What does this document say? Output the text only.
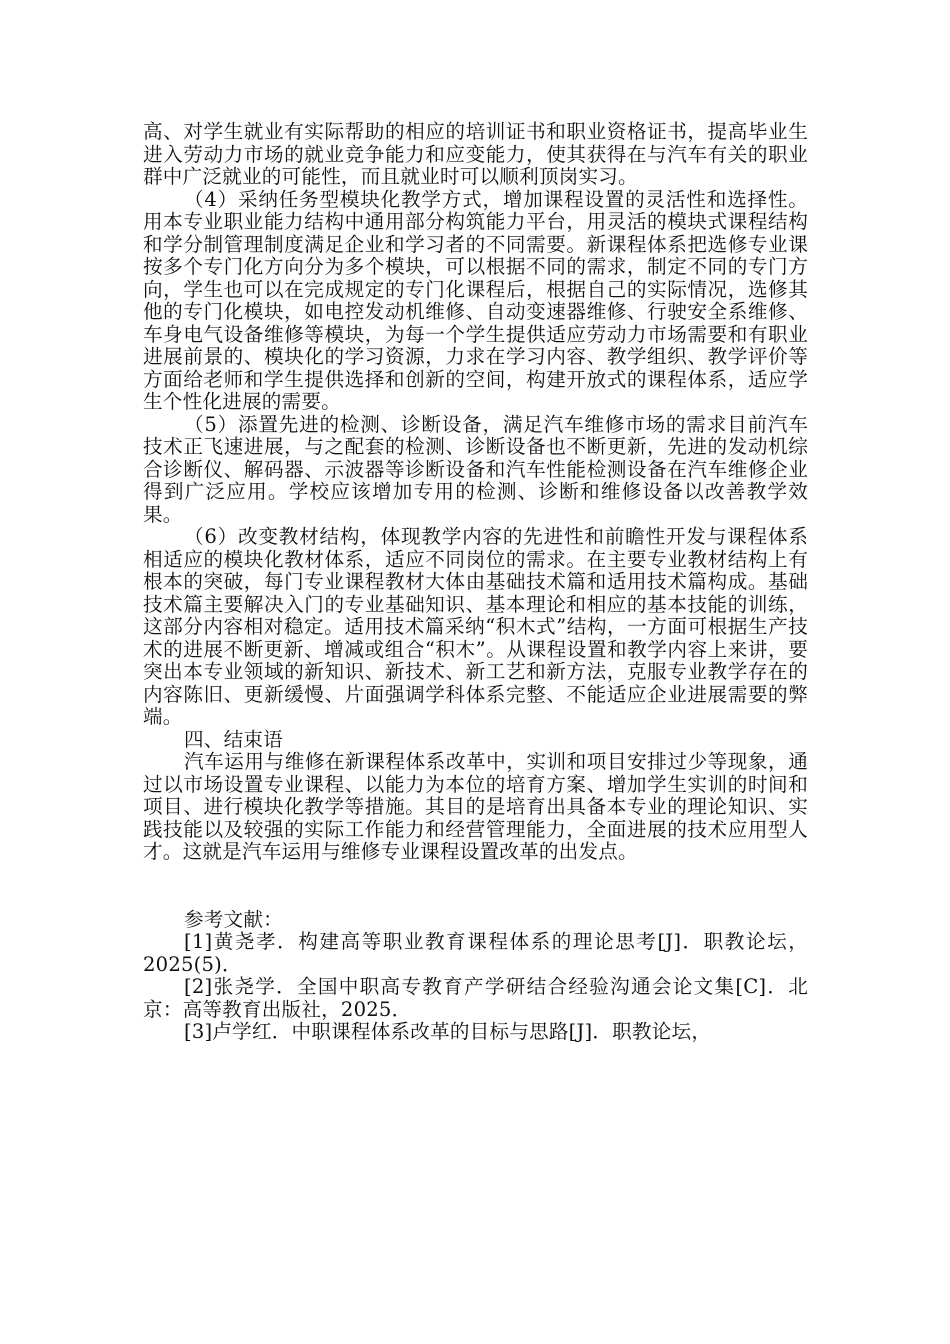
高、对学生就业有实际帮助的相应的培训证书和职业资格证书，提高毕业生进入劳动力市场的就业竞争能力和应变能力，使其获得在与汽车有关的职业群中广泛就业的可能性，而且就业时可以顺利顶岗实习。

（4）采纳任务型模块化教学方式，增加课程设置的灵活性和选择性。用本专业职业能力结构中通用部分构筑能力平台，用灵活的模块式课程结构和学分制管理制度满足企业和学习者的不同需要。新课程体系把选修专业课按多个专门化方向分为多个模块，可以根据不同的需求，制定不同的专门方向，学生也可以在完成规定的专门化课程后，根据自己的实际情况，选修其他的专门化模块，如电控发动机维修、自动变速器维修、行驶安全系维修、车身电气设备维修等模块，为每一个学生提供适应劳动力市场需要和有职业进展前景的、模块化的学习资源，力求在学习内容、教学组织、教学评价等方面给老师和学生提供选择和创新的空间，构建开放式的课程体系，适应学生个性化进展的需要。

（5）添置先进的检测、诊断设备，满足汽车维修市场的需求目前汽车技术正飞速进展，与之配套的检测、诊断设备也不断更新，先进的发动机综合诊断仪、解码器、示波器等诊断设备和汽车性能检测设备在汽车维修企业得到广泛应用。学校应该增加专用的检测、诊断和维修设备以改善教学效果。

（6）改变教材结构，体现教学内容的先进性和前瞻性开发与课程体系相适应的模块化教材体系，适应不同岗位的需求。在主要专业教材结构上有根本的突破，每门专业课程教材大体由基础技术篇和适用技术篇构成。基础技术篇主要解决入门的专业基础知识、基本理论和相应的基本技能的训练，这部分内容相对稳定。适用技术篇采纳“积木式”结构，一方面可根据生产技术的进展不断更新、增减或组合“积木”。从课程设置和教学内容上来讲，要突出本专业领域的新知识、新技术、新工艺和新方法，克服专业教学存在的内容陈旧、更新缓慢、片面强调学科体系完整、不能适应企业进展需要的弊端。

四、结束语

汽车运用与维修在新课程体系改革中，实训和项目安排过少等现象，通过以市场设置专业课程、以能力为本位的培育方案、增加学生实训的时间和项目、进行模块化教学等措施。其目的是培育出具备本专业的理论知识、实践技能以及较强的实际工作能力和经营管理能力，全面进展的技术应用型人才。这就是汽车运用与维修专业课程设置改革的出发点。

参考文献：

[1]黄尧孝．构建高等职业教育课程体系的理论思考[J]．职教论坛，2025(5)．

[2]张尧学．全国中职高专教育产学研结合经验沟通会论文集[C]．北京：高等教育出版社，2025．

[3]卢学红．中职课程体系改革的目标与思路[J]．职教论坛，
